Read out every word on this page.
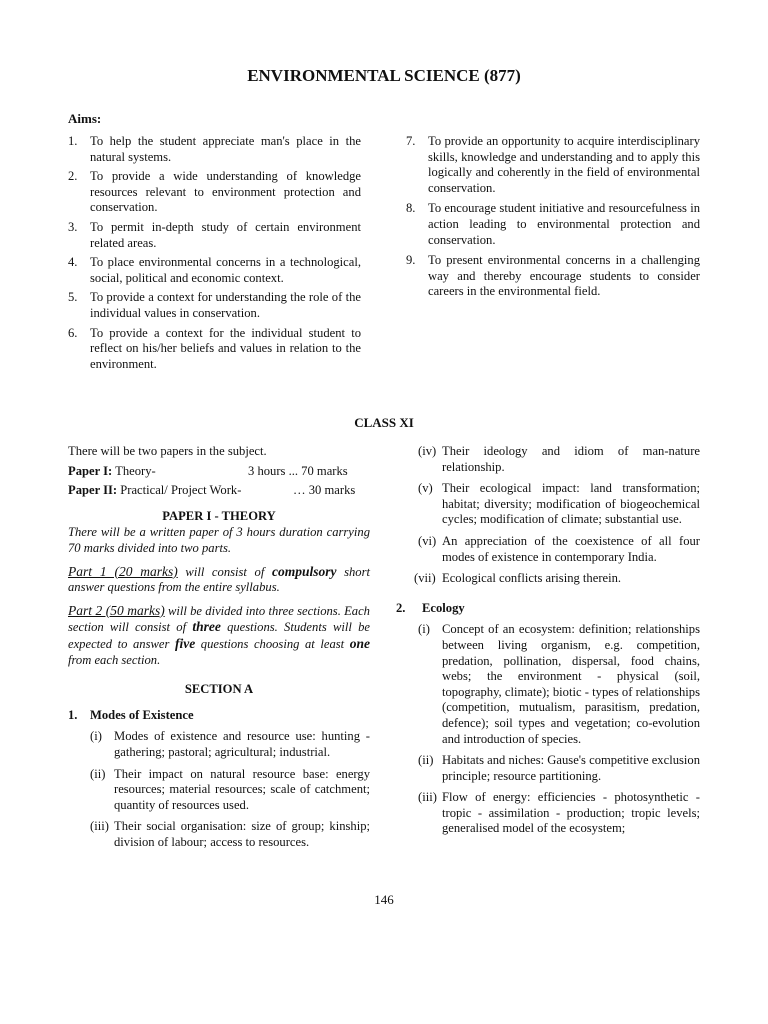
ENVIRONMENTAL SCIENCE (877)
Aims:
1. To help the student appreciate man's place in the natural systems.
2. To provide a wide understanding of knowledge resources relevant to environment protection and conservation.
3. To permit in-depth study of certain environment related areas.
4. To place environmental concerns in a technological, social, political and economic context.
5. To provide a context for understanding the role of the individual values in conservation.
6. To provide a context for the individual student to reflect on his/her beliefs and values in relation to the environment.
7. To provide an opportunity to acquire interdisciplinary skills, knowledge and understanding and to apply this logically and coherently in the field of environmental conservation.
8. To encourage student initiative and resourcefulness in action leading to environmental protection and conservation.
9. To present environmental concerns in a challenging way and thereby encourage students to consider careers in the environmental field.
CLASS XI
There will be two papers in the subject.
Paper I: Theory-	3 hours ... 70 marks
Paper II: Practical/ Project Work-	… 30 marks
PAPER I - THEORY
There will be a written paper of 3 hours duration carrying 70 marks divided into two parts.
Part 1 (20 marks) will consist of compulsory short answer questions from the entire syllabus.
Part 2 (50 marks) will be divided into three sections. Each section will consist of three questions. Students will be expected to answer five questions choosing at least one from each section.
SECTION A
1. Modes of Existence
(i) Modes of existence and resource use: hunting - gathering; pastoral; agricultural; industrial.
(ii) Their impact on natural resource base: energy resources; material resources; scale of catchment; quantity of resources used.
(iii) Their social organisation: size of group; kinship; division of labour; access to resources.
(iv) Their ideology and idiom of man-nature relationship.
(v) Their ecological impact: land transformation; habitat; diversity; modification of biogeochemical cycles; modification of climate; substantial use.
(vi) An appreciation of the coexistence of all four modes of existence in contemporary India.
(vii) Ecological conflicts arising therein.
2.	Ecology
(i) Concept of an ecosystem: definition; relationships between living organism, e.g. competition, predation, pollination, dispersal, food chains, webs; the environment - physical (soil, topography, climate); biotic - types of relationships (competition, mutualism, parasitism, predation, defence); soil types and vegetation; co-evolution and introduction of species.
(ii) Habitats and niches: Gause's competitive exclusion principle; resource partitioning.
(iii) Flow of energy: efficiencies - photosynthetic - tropic - assimilation - production; tropic levels; generalised model of the ecosystem;
146
